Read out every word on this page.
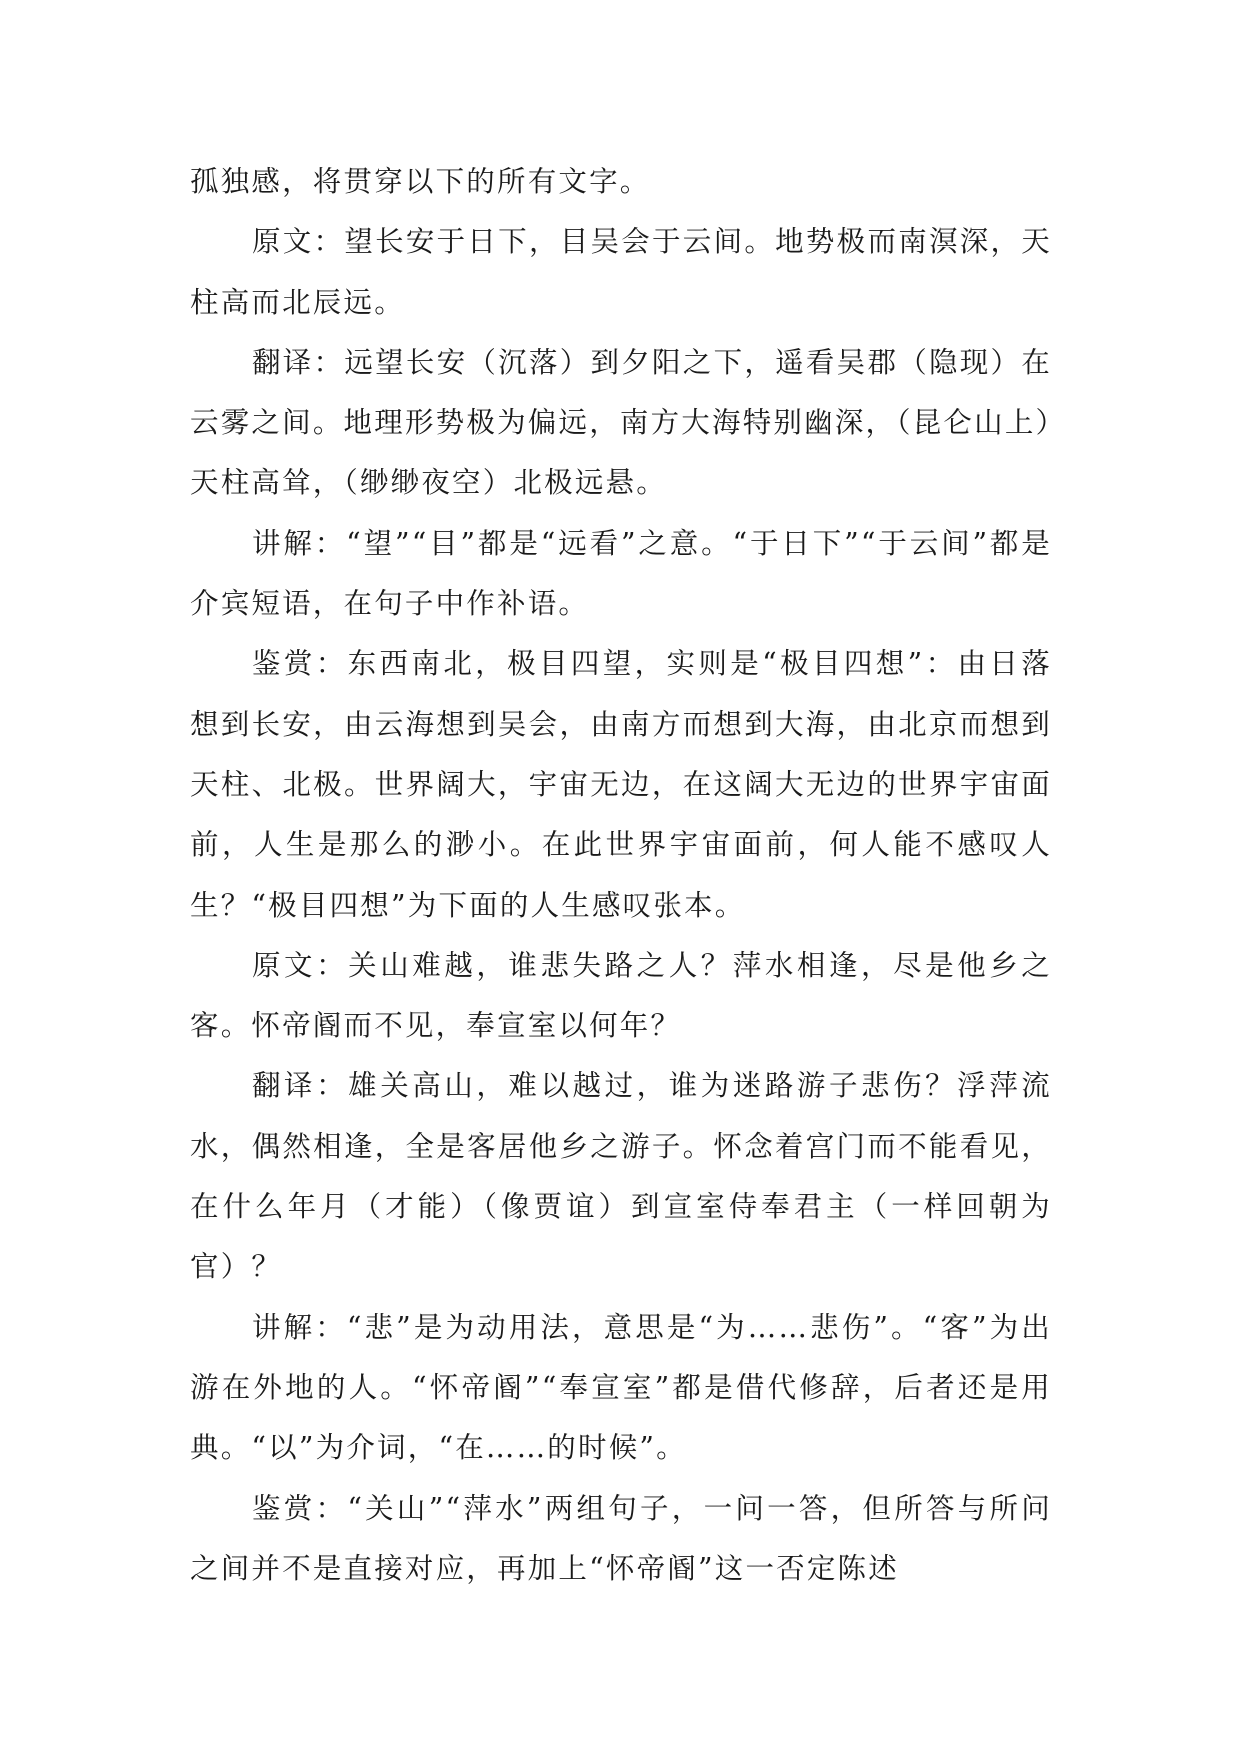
孤独感，将贯穿以下的所有文字。

原文：望长安于日下，目吴会于云间。地势极而南溟深，天柱高而北辰远。

翻译：远望长安（沉落）到夕阳之下，遥看吴郡（隐现）在云雾之间。地理形势极为偏远，南方大海特别幽深，（昆仑山上）天柱高耸，（缈缈夜空）北极远悬。

讲解：“望”“目”都是“远看”之意。“于日下”“于云间”都是介宾短语，在句子中作补语。

鉴赏：东西南北，极目四望，实则是“极目四想”：由日落想到长安，由云海想到吴会，由南方而想到大海，由北京而想到天柱、北极。世界阔大，宇宙无边，在这阔大无边的世界宇宙面前，人生是那么的渺小。在此世界宇宙面前，何人能不感叹人生？“极目四想”为下面的人生感叹张本。

原文：关山难越，谁悲失路之人？萍水相逢，尽是他乡之客。怀帝阍而不见，奉宣室以何年？

翻译：雄关高山，难以越过，谁为迷路游子悲伤？浮萍流水，偶然相逢，全是客居他乡之游子。怀念着宫门而不能看见，在什么年月（才能）（像贾谊）到宣室侍奉君主（一样回朝为官）？

讲解：“悲”是为动用法，意思是“为……悲伤”。“客”为出游在外地的人。“怀帝阍”“奉宣室”都是借代修辞，后者还是用典。“以”为介词，“在……的时候”。

鉴赏：“关山”“萍水”两组句子，一问一答，但所答与所问之间并不是直接对应，再加上“怀帝阍”这一否定陈述
